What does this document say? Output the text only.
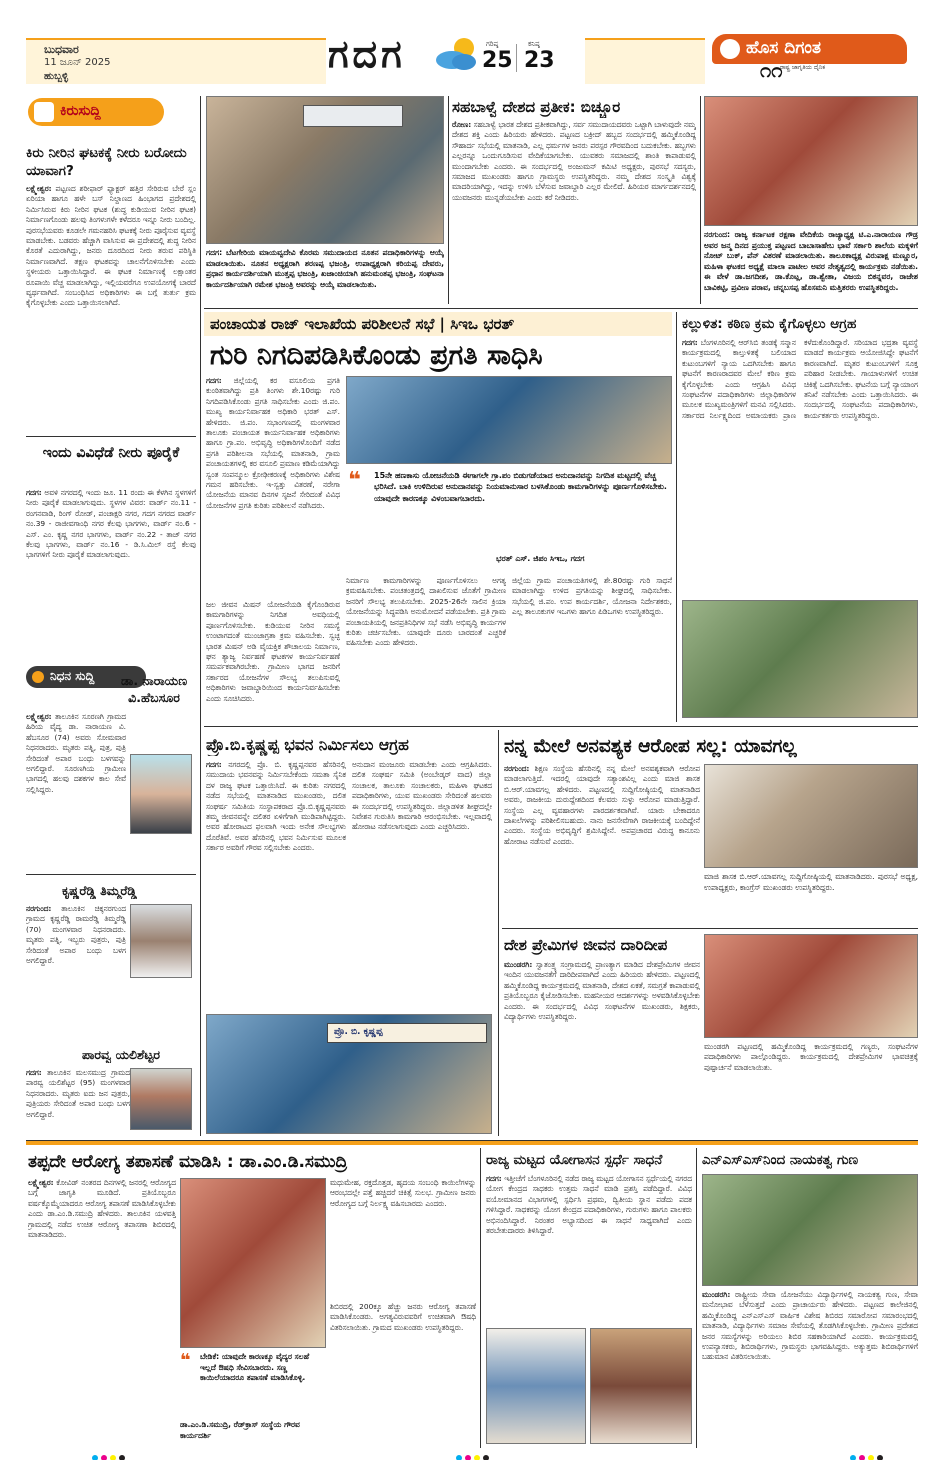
ಬುಧವಾರ
11 ಜೂನ್ 2025
ಹುಬ್ಬಳ್ಳಿ
ಗದಗ	ಗರಿಷ್ಠ
25
ಕನಿಷ್ಠ
23	ಹೊಸ ದಿಗಂತ
ರಾಷ್ಟ್ರ ಜಾಗೃತಿಯ ದೈನಿಕ
೧೧
ಕಿರುಸುದ್ದಿ
ಕಿರು ನೀರಿನ ಘಟಕಕ್ಕೆ ನೀರು ಬರೋದು ಯಾವಾಗ?
ಲಕ್ಷ್ಮೇಶ್ವರ: ಪಟ್ಟಣದ ಶರೀಫಾರ್ ಫ್ಯಾಕ್ಟರ್ ಹತ್ತಿರ ಸೇರಿರುವ ಬೇರೆ ಸ್ಲಂ ಏರಿಯಾ ಹಾಗೂ ಹಳೇ ಬಸ್ ನಿಲ್ದಾಣದ ಹಿಂಭಾಗದ ಪ್ರದೇಶದಲ್ಲಿ ನಿರ್ಮಿಸಿರುವ ಕಿರು ನೀರಿನ ಘಟಕ (ಶುದ್ಧ ಕುಡಿಯುವ ನೀರಿನ ಘಟಕ) ನಿರ್ಮಾಣಗೊಂಡು ಹಲವು ತಿಂಗಳುಗಳೇ ಕಳೆದರೂ ಇನ್ನೂ ನೀರು ಬಂದಿಲ್ಲ. ಪುರಸಭೆಯವರು ಕೂಡಲೇ ಗಮನಹರಿಸಿ ಘಟಕಕ್ಕೆ ನೀರು ಪೂರೈಸುವ ವ್ಯವಸ್ಥೆ ಮಾಡಬೇಕು. ಬಡವರು ಹೆಚ್ಚಾಗಿ ವಾಸಿಸುವ ಈ ಪ್ರದೇಶದಲ್ಲಿ ಶುದ್ಧ ನೀರಿನ ಕೊರತೆ ಎದುರಾಗಿದ್ದು, ಜನರು ದೂರದಿಂದ ನೀರು ತರುವ ಪರಿಸ್ಥಿತಿ ನಿರ್ಮಾಣವಾಗಿದೆ. ತಕ್ಷಣ ಘಟಕವನ್ನು ಚಾಲನೆಗೊಳಿಸಬೇಕು ಎಂದು ಸ್ಥಳೀಯರು ಒತ್ತಾಯಿಸಿದ್ದಾರೆ. ಈ ಘಟಕ ನಿರ್ಮಾಣಕ್ಕೆ ಲಕ್ಷಾಂತರ ರೂಪಾಯಿ ವೆಚ್ಚ ಮಾಡಲಾಗಿದ್ದು, ಇಲ್ಲಿಯವರೆಗೂ ಉಪಯೋಗಕ್ಕೆ ಬಾರದೆ ವ್ಯರ್ಥವಾಗಿದೆ. ಸಂಬಂಧಿಸಿದ ಅಧಿಕಾರಿಗಳು ಈ ಬಗ್ಗೆ ತುರ್ತು ಕ್ರಮ ಕೈಗೊಳ್ಳಬೇಕು ಎಂದು ಒತ್ತಾಯಿಸಲಾಗಿದೆ.
ಇಂದು ವಿವಿಧೆಡೆ ನೀರು ಪೂರೈಕೆ
ಗದಗ: ಅವಳಿ ನಗರದಲ್ಲಿ ಇಂದು ಜೂ. 11 ರಂದು ಈ ಕೆಳಗಿನ ಸ್ಥಳಗಳಿಗೆ ನೀರು ಪೂರೈಕೆ ಮಾಡಲಾಗುವುದು. ಸ್ಥಳಗಳ ವಿವರ: ವಾರ್ಡ್ ನಂ.11 - ರಂಗನವಾಡಿ, ರಿಂಗ್ ರೋಡ್, ಪಂಚಾಕ್ಷರಿ ನಗರ, ಗದಗ ನಗರದ ವಾರ್ಡ್ ನಂ.39 - ರಾಜೀವಗಾಂಧಿ ನಗರ ಕೆಲವು ಭಾಗಗಳು, ವಾರ್ಡ್ ನಂ.6 - ಎಸ್. ಎಂ. ಕೃಷ್ಣ ನಗರ ಭಾಗಗಳು, ವಾರ್ಡ್ ನಂ.22 - ತಾಜ್ ನಗರ ಕೆಲವು ಭಾಗಗಳು, ವಾರ್ಡ್ ನಂ.16 - ಡಿ.ಸಿ.ಮಿಲ್ ರಸ್ತೆ ಕೆಲವು ಭಾಗಗಳಿಗೆ ನೀರು ಪೂರೈಕೆ ಮಾಡಲಾಗುವುದು.
ನಿಧನ ಸುದ್ದಿ	ಡಾ. ನಾರಾಯಣ ವಿ.ಹೆಬಸೂರ
ಲಕ್ಷ್ಮೇಶ್ವರ: ತಾಲೂಕಿನ ಸೂರಣಗಿ ಗ್ರಾಮದ ಹಿರಿಯ ವೈದ್ಯ ಡಾ. ನಾರಾಯಣ ವಿ. ಹೆಬಸೂರ (74) ಅವರು ಸೋಮವಾರ ನಿಧನರಾದರು. ಮೃತರು ಪತ್ನಿ, ಪುತ್ರ, ಪುತ್ರಿ ಸೇರಿದಂತೆ ಅಪಾರ ಬಂಧು ಬಳಗವನ್ನು ಅಗಲಿದ್ದಾರೆ. ಸೂರಣಗಿಯ ಗ್ರಾಮೀಣ ಭಾಗದಲ್ಲಿ ಹಲವು ದಶಕಗಳ ಕಾಲ ಸೇವೆ ಸಲ್ಲಿಸಿದ್ದರು.
ಕೃಷ್ಣರೆಡ್ಡಿ ತಿಮ್ಮರೆಡ್ಡಿ
ನರಗುಂದ: ತಾಲೂಕಿನ ಚಿಕ್ಕನರಗುಂದ ಗ್ರಾಮದ ಕೃಷ್ಣರೆಡ್ಡಿ ರಾಮರೆಡ್ಡಿ ತಿಮ್ಮರೆಡ್ಡಿ (70) ಮಂಗಳವಾರ ನಿಧನರಾದರು. ಮೃತರು ಪತ್ನಿ, ಇಬ್ಬರು ಪುತ್ರರು, ಪುತ್ರಿ ಸೇರಿದಂತೆ ಅಪಾರ ಬಂಧು ಬಳಗ ಅಗಲಿದ್ದಾರೆ.
ಪಾರವ್ವ ಯಲಿಶೆಟ್ಟರ
ಗದಗ: ತಾಲೂಕಿನ ಮಲಸಮುದ್ರ ಗ್ರಾಮದ ಪಾರವ್ವ ಯಲಿಶೆಟ್ಟರ (95) ಮಂಗಳವಾರ ನಿಧನರಾದರು. ಮೃತರು ಐದು ಜನ ಪುತ್ರರು, ಪುತ್ರಿಯರು ಸೇರಿದಂತೆ ಅಪಾರ ಬಂಧು ಬಳಗ ಅಗಲಿದ್ದಾರೆ.
ಗದಗ: ಬೆಟಗೇರಿಯ ಮಾಯವ್ವದೇವಿ ಕೊರಮ ಸಮುದಾಯದ ನೂತನ ಪದಾಧಿಕಾರಿಗಳನ್ನು ಆಯ್ಕೆ ಮಾಡಲಾಯಿತು. ನೂತನ ಅಧ್ಯಕ್ಷರಾಗಿ ಶರಣಪ್ಪ ಭಜಂತ್ರಿ, ಉಪಾಧ್ಯಕ್ಷರಾಗಿ ಕರಿಯಪ್ಪ ದೇವರು, ಪ್ರಧಾನ ಕಾರ್ಯದರ್ಶಿಯಾಗಿ ಮುತ್ತಪ್ಪ ಭಜಂತ್ರಿ, ಖಜಾಂಚಿಯಾಗಿ ಹನುಮಂತಪ್ಪ ಭಜಂತ್ರಿ, ಸಂಘಟನಾ ಕಾರ್ಯದರ್ಶಿಯಾಗಿ ರಮೇಶ ಭಜಂತ್ರಿ ಅವರನ್ನು ಆಯ್ಕೆ ಮಾಡಲಾಯಿತು.
ಸಹಬಾಳ್ವೆ ದೇಶದ ಪ್ರತೀಕ: ಬಿಚ್ಚೂರ
ರೋಣ: ಸಹಬಾಳ್ವೆ ಭಾರತ ದೇಶದ ಪ್ರತೀಕವಾಗಿದ್ದು, ಸರ್ವ ಸಮುದಾಯದವರು ಒಟ್ಟಾಗಿ ಬಾಳುವುದೇ ನಮ್ಮ ದೇಶದ ಶಕ್ತಿ ಎಂದು ಹಿರಿಯರು ಹೇಳಿದರು. ಪಟ್ಟಣದ ಬಕ್ರೀದ್ ಹಬ್ಬದ ಸಂದರ್ಭದಲ್ಲಿ ಹಮ್ಮಿಕೊಂಡಿದ್ದ ಸೌಹಾರ್ದ ಸಭೆಯಲ್ಲಿ ಮಾತನಾಡಿ, ಎಲ್ಲ ಧರ್ಮಗಳ ಜನರು ಪರಸ್ಪರ ಗೌರವದಿಂದ ಬದುಕಬೇಕು. ಹಬ್ಬಗಳು ಎಲ್ಲರನ್ನೂ ಒಂದುಗೂಡಿಸುವ ವೇದಿಕೆಯಾಗಬೇಕು. ಯುವಕರು ಸಮಾಜದಲ್ಲಿ ಶಾಂತಿ ಕಾಪಾಡುವಲ್ಲಿ ಮುಂದಾಗಬೇಕು ಎಂದರು. ಈ ಸಂದರ್ಭದಲ್ಲಿ ಅಂಜುಮನ್ ಕಮಿಟಿ ಅಧ್ಯಕ್ಷರು, ಪುರಸಭೆ ಸದಸ್ಯರು, ಸಮಾಜದ ಮುಖಂಡರು ಹಾಗೂ ಗ್ರಾಮಸ್ಥರು ಉಪಸ್ಥಿತರಿದ್ದರು. ನಮ್ಮ ದೇಶದ ಸಂಸ್ಕೃತಿ ವಿಶ್ವಕ್ಕೆ ಮಾದರಿಯಾಗಿದ್ದು, ಇದನ್ನು ಉಳಿಸಿ ಬೆಳೆಸುವ ಜವಾಬ್ದಾರಿ ಎಲ್ಲರ ಮೇಲಿದೆ. ಹಿರಿಯರ ಮಾರ್ಗದರ್ಶನದಲ್ಲಿ ಯುವಜನರು ಮುನ್ನಡೆಯಬೇಕು ಎಂದು ಕರೆ ನೀಡಿದರು.
ನರಗುಂದ: ರಾಜ್ಯ ಕರ್ನಾಟಕ ರಕ್ಷಣಾ ವೇದಿಕೆಯ ರಾಜ್ಯಾಧ್ಯಕ್ಷ ಟಿ.ಎ.ನಾರಾಯಣ ಗೌಡ್ರ ಅವರ ಜನ್ಮ ದಿನದ ಪ್ರಯುಕ್ತ ಪಟ್ಟಣದ ಬಾಬಾಸಾಹೇಬ ಭಾವೆ ಸರ್ಕಾರಿ ಶಾಲೆಯ ಮಕ್ಕಳಿಗೆ ನೋಟ್ ಬುಕ್, ಪೆನ್ ವಿತರಣೆ ಮಾಡಲಾಯಿತು. ತಾಲೂಕಾಧ್ಯಕ್ಷ ವಿರುಪಾಕ್ಷ ಮಣ್ಣೂರ, ಮಹಿಳಾ ಘಟಕದ ಅಧ್ಯಕ್ಷೆ ಮಾಲಾ ಪಾಟೀಲ ಅವರ ನೇತೃತ್ವದಲ್ಲಿ ಕಾರ್ಯಕ್ರಮ ನಡೆಯಿತು. ಈ ವೇಳೆ ಡಾ.ಜಗದೀಶ, ಡಾ.ಕೊಟ್ಲ, ಡಾ.ಶ್ವೇತಾ, ವಿಜಯ ಬಿಕನ್ನವರ, ರಾಜೇಶ ಬಾವಿಕಟ್ಟಿ, ಪ್ರವೀಣ ಪರಾವ, ಚನ್ನಬಸಪ್ಪ ಹೊಸಮನಿ ಮತ್ತಿತರರು ಉಪಸ್ಥಿತರಿದ್ದರು.
ಪಂಚಾಯತ ರಾಜ್ ಇಲಾಖೆಯ ಪರಿಶೀಲನೆ ಸಭೆ | ಸಿಇಒ ಭರತ್
ಗುರಿ ನಿಗದಿಪಡಿಸಿಕೊಂಡು ಪ್ರಗತಿ ಸಾಧಿಸಿ
ಗದಗ: ಜಿಲ್ಲೆಯಲ್ಲಿ ಕರ ವಸೂಲಿಯ ಪ್ರಗತಿ ಕುಂಠಿತವಾಗಿದ್ದು ಪ್ರತಿ ತಿಂಗಳು ಶೇ.10ರಷ್ಟು ಗುರಿ ನಿಗದಿಪಡಿಸಿಕೊಂಡು ಪ್ರಗತಿ ಸಾಧಿಸಬೇಕು ಎಂದು ಜಿ.ಪಂ. ಮುಖ್ಯ ಕಾರ್ಯನಿರ್ವಾಹಕ ಅಧಿಕಾರಿ ಭರತ್ ಎಸ್. ಹೇಳಿದರು. ಜಿ.ಪಂ. ಸಭಾಂಗಣದಲ್ಲಿ ಮಂಗಳವಾರ ತಾಲೂಕು ಪಂಚಾಯತ ಕಾರ್ಯನಿರ್ವಾಹಕ ಅಧಿಕಾರಿಗಳು ಹಾಗೂ ಗ್ರಾ.ಪಂ. ಅಭಿವೃದ್ಧಿ ಅಧಿಕಾರಿಗಳೊಂದಿಗೆ ನಡೆದ ಪ್ರಗತಿ ಪರಿಶೀಲನಾ ಸಭೆಯಲ್ಲಿ ಮಾತನಾಡಿ, ಗ್ರಾಮ ಪಂಚಾಯತಗಳಲ್ಲಿ ಕರ ವಸೂಲಿ ಪ್ರಮಾಣ ಕಡಿಮೆಯಾಗಿದ್ದು ಸ್ವಂತ ಸಂಪನ್ಮೂಲ ಕ್ರೋಢೀಕರಣಕ್ಕೆ ಅಧಿಕಾರಿಗಳು ವಿಶೇಷ ಗಮನ ಹರಿಸಬೇಕು. ಇ-ಸ್ವತ್ತು ವಿತರಣೆ, ನರೇಗಾ ಯೋಜನೆಯ ಮಾನವ ದಿನಗಳ ಸೃಜನೆ ಸೇರಿದಂತೆ ವಿವಿಧ ಯೋಜನೆಗಳ ಪ್ರಗತಿ ಕುರಿತು ಪರಿಶೀಲನೆ ನಡೆಸಿದರು.
❝ 15ನೇ ಹಣಕಾಸು ಯೋಜನೆಯಡಿ ಈಗಾಗಲೇ ಗ್ರಾ.ಪಂ ಬಿಡುಗಡೆಯಾದ ಅನುದಾನವನ್ನು ನಿಗದಿತ ಮಟ್ಟದಲ್ಲಿ ವೆಚ್ಚ ಭರಿಸಿದೆ. ಬಾಕಿ ಉಳಿದಿರುವ ಅನುದಾನವನ್ನು ನಿಯಮಾನುಸಾರ ಬಳಸಿಕೊಂಡು ಕಾಮಗಾರಿಗಳನ್ನು ಪೂರ್ಣಗೊಳಿಸಬೇಕು. ಯಾವುದೇ ಕಾರಣಕ್ಕೂ ವಿಳಂಬವಾಗಬಾರದು.
ಭರತ್ ಎಸ್. ಜಿಪಂ ಸಿಇಒ, ಗದಗ
ನಿರ್ಮಾಣ ಕಾಮಗಾರಿಗಳನ್ನು ಪೂರ್ಣಗೊಳಿಸಲು ಅಗತ್ಯ ಕ್ರಮವಹಿಸಬೇಕು. ಪಂಚತಂತ್ರದಲ್ಲಿ ದಾಖಲಿಸುವ ಜೊತೆಗೆ ಗ್ರಾಮೀಣ ಜನರಿಗೆ ಸೌಲಭ್ಯ ತಲುಪಿಸಬೇಕು. 2025-26ನೇ ಸಾಲಿನ ಕ್ರಿಯಾ ಯೋಜನೆಯನ್ನು ಸಿದ್ಧಪಡಿಸಿ ಅನುಮೋದನೆ ಪಡೆಯಬೇಕು. ಪ್ರತಿ ಗ್ರಾಮ ಪಂಚಾಯತಿಯಲ್ಲಿ ಜನಪ್ರತಿನಿಧಿಗಳ ಸಭೆ ನಡೆಸಿ ಅಭಿವೃದ್ಧಿ ಕಾರ್ಯಗಳ ಕುರಿತು ಚರ್ಚಿಸಬೇಕು. ಯಾವುದೇ ದೂರು ಬಾರದಂತೆ ಎಚ್ಚರಿಕೆ ವಹಿಸಬೇಕು ಎಂದು ಹೇಳಿದರು.
ಜಿಲ್ಲೆಯ ಗ್ರಾಮ ಪಂಚಾಯತಿಗಳಲ್ಲಿ ಶೇ.80ರಷ್ಟು ಗುರಿ ಸಾಧನೆ ಮಾಡಲಾಗಿದ್ದು ಉಳಿದ ಪ್ರಗತಿಯನ್ನು ಶೀಘ್ರದಲ್ಲಿ ಸಾಧಿಸಬೇಕು. ಸಭೆಯಲ್ಲಿ ಜಿ.ಪಂ. ಉಪ ಕಾರ್ಯದರ್ಶಿ, ಯೋಜನಾ ನಿರ್ದೇಶಕರು, ಎಲ್ಲ ತಾಲೂಕುಗಳ ಇಒಗಳು ಹಾಗೂ ಪಿಡಿಒಗಳು ಉಪಸ್ಥಿತರಿದ್ದರು.
ಜಲ ಜೀವನ ಮಿಷನ್ ಯೋಜನೆಯಡಿ ಕೈಗೊಂಡಿರುವ ಕಾಮಗಾರಿಗಳನ್ನು ನಿಗದಿತ ಅವಧಿಯಲ್ಲಿ ಪೂರ್ಣಗೊಳಿಸಬೇಕು. ಕುಡಿಯುವ ನೀರಿನ ಸಮಸ್ಯೆ ಉಂಟಾಗದಂತೆ ಮುಂಜಾಗ್ರತಾ ಕ್ರಮ ವಹಿಸಬೇಕು. ಸ್ವಚ್ಛ ಭಾರತ ಮಿಷನ್ ಅಡಿ ವೈಯಕ್ತಿಕ ಶೌಚಾಲಯ ನಿರ್ಮಾಣ, ಘನ ತ್ಯಾಜ್ಯ ನಿರ್ವಹಣೆ ಘಟಕಗಳ ಕಾರ್ಯನಿರ್ವಹಣೆ ಸಮರ್ಪಕವಾಗಿರಬೇಕು. ಗ್ರಾಮೀಣ ಭಾಗದ ಜನರಿಗೆ ಸರ್ಕಾರದ ಯೋಜನೆಗಳ ಸೌಲಭ್ಯ ತಲುಪಿಸುವಲ್ಲಿ ಅಧಿಕಾರಿಗಳು ಜವಾಬ್ದಾರಿಯಿಂದ ಕಾರ್ಯನಿರ್ವಹಿಸಬೇಕು ಎಂದು ಸೂಚಿಸಿದರು.
ಕಲ್ಲುಳಿತ: ಕಠಿಣ ಕ್ರಮ ಕೈಗೊಳ್ಳಲು ಆಗ್ರಹ
ಗದಗ: ಬೆಂಗಳೂರಿನಲ್ಲಿ ಆರ್‌ಸಿಬಿ ತಂಡಕ್ಕೆ ಸನ್ಮಾನ ಕಾರ್ಯಕ್ರಮದಲ್ಲಿ ಕಾಲ್ತುಳಿತಕ್ಕೆ ಬಲಿಯಾದ ಕುಟುಂಬಗಳಿಗೆ ನ್ಯಾಯ ಒದಗಿಸಬೇಕು ಹಾಗೂ ಘಟನೆಗೆ ಕಾರಣರಾದವರ ಮೇಲೆ ಕಠಿಣ ಕ್ರಮ ಕೈಗೊಳ್ಳಬೇಕು ಎಂದು ಆಗ್ರಹಿಸಿ ವಿವಿಧ ಸಂಘಟನೆಗಳ ಪದಾಧಿಕಾರಿಗಳು ಜಿಲ್ಲಾಧಿಕಾರಿಗಳ ಮೂಲಕ ಮುಖ್ಯಮಂತ್ರಿಗಳಿಗೆ ಮನವಿ ಸಲ್ಲಿಸಿದರು. ಸರ್ಕಾರದ ನಿರ್ಲಕ್ಷ್ಯದಿಂದ ಅಮಾಯಕರು ಪ್ರಾಣ ಕಳೆದುಕೊಂಡಿದ್ದಾರೆ. ಸರಿಯಾದ ಭದ್ರತಾ ವ್ಯವಸ್ಥೆ ಮಾಡದೆ ಕಾರ್ಯಕ್ರಮ ಆಯೋಜಿಸಿದ್ದೇ ಘಟನೆಗೆ ಕಾರಣವಾಗಿದೆ. ಮೃತರ ಕುಟುಂಬಗಳಿಗೆ ಸೂಕ್ತ ಪರಿಹಾರ ನೀಡಬೇಕು. ಗಾಯಾಳುಗಳಿಗೆ ಉಚಿತ ಚಿಕಿತ್ಸೆ ಒದಗಿಸಬೇಕು. ಘಟನೆಯ ಬಗ್ಗೆ ನ್ಯಾಯಾಂಗ ತನಿಖೆ ನಡೆಸಬೇಕು ಎಂದು ಒತ್ತಾಯಿಸಿದರು. ಈ ಸಂದರ್ಭದಲ್ಲಿ ಸಂಘಟನೆಯ ಪದಾಧಿಕಾರಿಗಳು, ಕಾರ್ಯಕರ್ತರು ಉಪಸ್ಥಿತರಿದ್ದರು.
ಪ್ರೊ.ಬಿ.ಕೃಷ್ಣಪ್ಪ ಭವನ ನಿರ್ಮಿಸಲು ಆಗ್ರಹ
ಗದಗ: ನಗರದಲ್ಲಿ ಪ್ರೊ. ಬಿ. ಕೃಷ್ಣಪ್ಪನವರ ಹೆಸರಿನಲ್ಲಿ ಸಮುದಾಯ ಭವನವನ್ನು ನಿರ್ಮಿಸಬೇಕೆಂದು ಸಮತಾ ಸೈನಿಕ ದಳ ರಾಜ್ಯ ಘಟಕ ಒತ್ತಾಯಿಸಿದೆ. ಈ ಕುರಿತು ನಗರದಲ್ಲಿ ನಡೆದ ಸಭೆಯಲ್ಲಿ ಮಾತನಾಡಿದ ಮುಖಂಡರು, ದಲಿತ ಸಂಘರ್ಷ ಸಮಿತಿಯ ಸಂಸ್ಥಾಪಕರಾದ ಪ್ರೊ.ಬಿ.ಕೃಷ್ಣಪ್ಪನವರು ತಮ್ಮ ಜೀವನವನ್ನೇ ದಲಿತರ ಏಳಿಗೆಗಾಗಿ ಮುಡಿಪಾಗಿಟ್ಟಿದ್ದರು. ಅವರ ಹೋರಾಟದ ಫಲವಾಗಿ ಇಂದು ಅನೇಕ ಸೌಲಭ್ಯಗಳು ದೊರೆತಿವೆ. ಅವರ ಹೆಸರಿನಲ್ಲಿ ಭವನ ನಿರ್ಮಿಸುವ ಮೂಲಕ ಸರ್ಕಾರ ಅವರಿಗೆ ಗೌರವ ಸಲ್ಲಿಸಬೇಕು ಎಂದರು.
ಅನುದಾನ ಮಂಜೂರು ಮಾಡಬೇಕು ಎಂದು ಆಗ್ರಹಿಸಿದರು. ದಲಿತ ಸಂಘರ್ಷ ಸಮಿತಿ (ಅಂಬೇಡ್ಕರ್ ವಾದ) ಜಿಲ್ಲಾ ಸಂಚಾಲಕ, ತಾಲೂಕು ಸಂಚಾಲಕರು, ಮಹಿಳಾ ಘಟಕದ ಪದಾಧಿಕಾರಿಗಳು, ಯುವ ಮುಖಂಡರು ಸೇರಿದಂತೆ ಹಲವರು ಈ ಸಂದರ್ಭದಲ್ಲಿ ಉಪಸ್ಥಿತರಿದ್ದರು. ಜಿಲ್ಲಾಡಳಿತ ಶೀಘ್ರದಲ್ಲೇ ನಿವೇಶನ ಗುರುತಿಸಿ ಕಾಮಗಾರಿ ಆರಂಭಿಸಬೇಕು. ಇಲ್ಲವಾದಲ್ಲಿ ಹೋರಾಟ ನಡೆಸಲಾಗುವುದು ಎಂದು ಎಚ್ಚರಿಸಿದರು.
ಪ್ರೊ. ಬಿ. ಕೃಷ್ಣಪ್ಪ
ನನ್ನ ಮೇಲೆ ಅನವಶ್ಯಕ ಆರೋಪ ಸಲ್ಲ: ಯಾವಗಲ್ಲ
ನರಗುಂದ: ಶಿಕ್ಷಣ ಸಂಸ್ಥೆಯ ಹೆಸರಿನಲ್ಲಿ ನನ್ನ ಮೇಲೆ ಅನವಶ್ಯಕವಾಗಿ ಆರೋಪ ಮಾಡಲಾಗುತ್ತಿದೆ. ಇದರಲ್ಲಿ ಯಾವುದೇ ಸತ್ಯಾಂಶವಿಲ್ಲ ಎಂದು ಮಾಜಿ ಶಾಸಕ ಬಿ.ಆರ್.ಯಾವಗಲ್ಲ ಹೇಳಿದರು. ಪಟ್ಟಣದಲ್ಲಿ ಸುದ್ದಿಗೋಷ್ಠಿಯಲ್ಲಿ ಮಾತನಾಡಿದ ಅವರು, ರಾಜಕೀಯ ದುರುದ್ದೇಶದಿಂದ ಕೆಲವರು ಸುಳ್ಳು ಆರೋಪ ಮಾಡುತ್ತಿದ್ದಾರೆ. ಸಂಸ್ಥೆಯ ಎಲ್ಲ ವ್ಯವಹಾರಗಳು ಪಾರದರ್ಶಕವಾಗಿವೆ. ಯಾರು ಬೇಕಾದರೂ ದಾಖಲೆಗಳನ್ನು ಪರಿಶೀಲಿಸಬಹುದು. ನಾನು ಜನಸೇವೆಗಾಗಿ ರಾಜಕೀಯಕ್ಕೆ ಬಂದಿದ್ದೇನೆ ಎಂದರು. ಸಂಸ್ಥೆಯ ಅಭಿವೃದ್ಧಿಗೆ ಶ್ರಮಿಸಿದ್ದೇನೆ. ಅಪಪ್ರಚಾರದ ವಿರುದ್ಧ ಕಾನೂನು ಹೋರಾಟ ನಡೆಸುವೆ ಎಂದರು.
ಮಾಜಿ ಶಾಸಕ ಬಿ.ಆರ್.ಯಾವಗಲ್ಲ ಸುದ್ದಿಗೋಷ್ಠಿಯಲ್ಲಿ ಮಾತನಾಡಿದರು. ಪುರಸಭೆ ಅಧ್ಯಕ್ಷ, ಉಪಾಧ್ಯಕ್ಷರು, ಕಾಂಗ್ರೆಸ್ ಮುಖಂಡರು ಉಪಸ್ಥಿತರಿದ್ದರು.
ದೇಶ ಪ್ರೇಮಿಗಳ ಜೀವನ ದಾರಿದೀಪ
ಮುಂಡರಗಿ: ಸ್ವಾತಂತ್ರ್ಯ ಸಂಗ್ರಾಮದಲ್ಲಿ ಪ್ರಾಣತ್ಯಾಗ ಮಾಡಿದ ದೇಶಪ್ರೇಮಿಗಳ ಜೀವನ ಇಂದಿನ ಯುವಜನತೆಗೆ ದಾರಿದೀಪವಾಗಿದೆ ಎಂದು ಹಿರಿಯರು ಹೇಳಿದರು. ಪಟ್ಟಣದಲ್ಲಿ ಹಮ್ಮಿಕೊಂಡಿದ್ದ ಕಾರ್ಯಕ್ರಮದಲ್ಲಿ ಮಾತನಾಡಿ, ದೇಶದ ಏಕತೆ, ಸಮಗ್ರತೆ ಕಾಪಾಡುವಲ್ಲಿ ಪ್ರತಿಯೊಬ್ಬರೂ ಕೈಜೋಡಿಸಬೇಕು. ಮಹನೀಯರ ಆದರ್ಶಗಳನ್ನು ಅಳವಡಿಸಿಕೊಳ್ಳಬೇಕು ಎಂದರು. ಈ ಸಂದರ್ಭದಲ್ಲಿ ವಿವಿಧ ಸಂಘಟನೆಗಳ ಮುಖಂಡರು, ಶಿಕ್ಷಕರು, ವಿದ್ಯಾರ್ಥಿಗಳು ಉಪಸ್ಥಿತರಿದ್ದರು.
ಮುಂಡರಗಿ ಪಟ್ಟಣದಲ್ಲಿ ಹಮ್ಮಿಕೊಂಡಿದ್ದ ಕಾರ್ಯಕ್ರಮದಲ್ಲಿ ಗಣ್ಯರು, ಸಂಘಟನೆಗಳ ಪದಾಧಿಕಾರಿಗಳು ಪಾಲ್ಗೊಂಡಿದ್ದರು. ಕಾರ್ಯಕ್ರಮದಲ್ಲಿ ದೇಶಪ್ರೇಮಿಗಳ ಭಾವಚಿತ್ರಕ್ಕೆ ಪುಷ್ಪಾರ್ಚನೆ ಮಾಡಲಾಯಿತು.
ತಪ್ಪದೇ ಆರೋಗ್ಯ ತಪಾಸಣೆ ಮಾಡಿಸಿ : ಡಾ.ಎಂ.ಡಿ.ಸಮುದ್ರಿ
ಲಕ್ಷ್ಮೇಶ್ವರ: ಕೋವಿಡ್ ನಂತರದ ದಿನಗಳಲ್ಲಿ ಜನರಲ್ಲಿ ಆರೋಗ್ಯದ ಬಗ್ಗೆ ಜಾಗೃತಿ ಮೂಡಿದೆ. ಪ್ರತಿಯೊಬ್ಬರೂ ವರ್ಷಕ್ಕೊಮ್ಮೆಯಾದರೂ ಆರೋಗ್ಯ ತಪಾಸಣೆ ಮಾಡಿಸಿಕೊಳ್ಳಬೇಕು ಎಂದು ಡಾ.ಎಂ.ಡಿ.ಸಮುದ್ರಿ ಹೇಳಿದರು. ತಾಲೂಕಿನ ಯಳವತ್ತಿ ಗ್ರಾಮದಲ್ಲಿ ನಡೆದ ಉಚಿತ ಆರೋಗ್ಯ ತಪಾಸಣಾ ಶಿಬಿರದಲ್ಲಿ ಮಾತನಾಡಿದರು.
❝ ಬೇಡಿಕೆ: ಯಾವುದೇ ಕಾರಣಕ್ಕೂ ವೈದ್ಯರ ಸಲಹೆ ಇಲ್ಲದೆ ಔಷಧಿ ಸೇವಿಸಬಾರದು. ಸಣ್ಣ ಕಾಯಿಲೆಯಾದರೂ ತಪಾಸಣೆ ಮಾಡಿಸಿಕೊಳ್ಳಿ.
ಡಾ.ಎಂ.ಡಿ.ಸಮುದ್ರಿ, ರೆಡ್‌ಕ್ರಾಸ್ ಸಂಸ್ಥೆಯ ಗೌರವ ಕಾರ್ಯದರ್ಶಿ
ಮಧುಮೇಹ, ರಕ್ತದೊತ್ತಡ, ಹೃದಯ ಸಂಬಂಧಿ ಕಾಯಿಲೆಗಳನ್ನು ಆರಂಭದಲ್ಲೇ ಪತ್ತೆ ಹಚ್ಚಿದರೆ ಚಿಕಿತ್ಸೆ ಸುಲಭ. ಗ್ರಾಮೀಣ ಜನರು ಆರೋಗ್ಯದ ಬಗ್ಗೆ ನಿರ್ಲಕ್ಷ್ಯ ವಹಿಸಬಾರದು ಎಂದರು.
ಶಿಬಿರದಲ್ಲಿ 200ಕ್ಕೂ ಹೆಚ್ಚು ಜನರು ಆರೋಗ್ಯ ತಪಾಸಣೆ ಮಾಡಿಸಿಕೊಂಡರು. ಅಗತ್ಯವಿರುವವರಿಗೆ ಉಚಿತವಾಗಿ ಔಷಧಿ ವಿತರಿಸಲಾಯಿತು. ಗ್ರಾಮದ ಮುಖಂಡರು ಉಪಸ್ಥಿತರಿದ್ದರು.
ರಾಜ್ಯ ಮಟ್ಟದ ಯೋಗಾಸನ ಸ್ಪರ್ಧೆ ಸಾಧನೆ
ಗದಗ: ಇತ್ತೀಚೆಗೆ ಬೆಂಗಳೂರಿನಲ್ಲಿ ನಡೆದ ರಾಜ್ಯ ಮಟ್ಟದ ಯೋಗಾಸನ ಸ್ಪರ್ಧೆಯಲ್ಲಿ ನಗರದ ಯೋಗ ಕೇಂದ್ರದ ಸಾಧಕರು ಉತ್ತಮ ಸಾಧನೆ ಮಾಡಿ ಪ್ರಶಸ್ತಿ ಪಡೆದಿದ್ದಾರೆ. ವಿವಿಧ ವಯೋಮಾನದ ವಿಭಾಗಗಳಲ್ಲಿ ಸ್ಪರ್ಧಿಸಿ ಪ್ರಥಮ, ದ್ವಿತೀಯ ಸ್ಥಾನ ಪಡೆದು ಪದಕ ಗಳಿಸಿದ್ದಾರೆ. ಸಾಧಕರನ್ನು ಯೋಗ ಕೇಂದ್ರದ ಪದಾಧಿಕಾರಿಗಳು, ಗುರುಗಳು ಹಾಗೂ ಪಾಲಕರು ಅಭಿನಂದಿಸಿದ್ದಾರೆ. ನಿರಂತರ ಅಭ್ಯಾಸದಿಂದ ಈ ಸಾಧನೆ ಸಾಧ್ಯವಾಗಿದೆ ಎಂದು ತರಬೇತುದಾರರು ತಿಳಿಸಿದ್ದಾರೆ.
ಎನ್‌ಎಸ್‌ಎಸ್‌ನಿಂದ ನಾಯಕತ್ವ ಗುಣ
ಮುಂಡರಗಿ: ರಾಷ್ಟ್ರೀಯ ಸೇವಾ ಯೋಜನೆಯು ವಿದ್ಯಾರ್ಥಿಗಳಲ್ಲಿ ನಾಯಕತ್ವ ಗುಣ, ಸೇವಾ ಮನೋಭಾವ ಬೆಳೆಸುತ್ತದೆ ಎಂದು ಪ್ರಾಚಾರ್ಯರು ಹೇಳಿದರು. ಪಟ್ಟಣದ ಕಾಲೇಜಿನಲ್ಲಿ ಹಮ್ಮಿಕೊಂಡಿದ್ದ ಎನ್‌ಎಸ್‌ಎಸ್ ವಾರ್ಷಿಕ ವಿಶೇಷ ಶಿಬಿರದ ಸಮಾರೋಪ ಸಮಾರಂಭದಲ್ಲಿ ಮಾತನಾಡಿ, ವಿದ್ಯಾರ್ಥಿಗಳು ಸಮಾಜ ಸೇವೆಯಲ್ಲಿ ತೊಡಗಿಸಿಕೊಳ್ಳಬೇಕು. ಗ್ರಾಮೀಣ ಪ್ರದೇಶದ ಜನರ ಸಮಸ್ಯೆಗಳನ್ನು ಅರಿಯಲು ಶಿಬಿರ ಸಹಕಾರಿಯಾಗಿದೆ ಎಂದರು. ಕಾರ್ಯಕ್ರಮದಲ್ಲಿ ಉಪನ್ಯಾಸಕರು, ಶಿಬಿರಾರ್ಥಿಗಳು, ಗ್ರಾಮಸ್ಥರು ಭಾಗವಹಿಸಿದ್ದರು. ಅತ್ಯುತ್ತಮ ಶಿಬಿರಾರ್ಥಿಗಳಿಗೆ ಬಹುಮಾನ ವಿತರಿಸಲಾಯಿತು.
